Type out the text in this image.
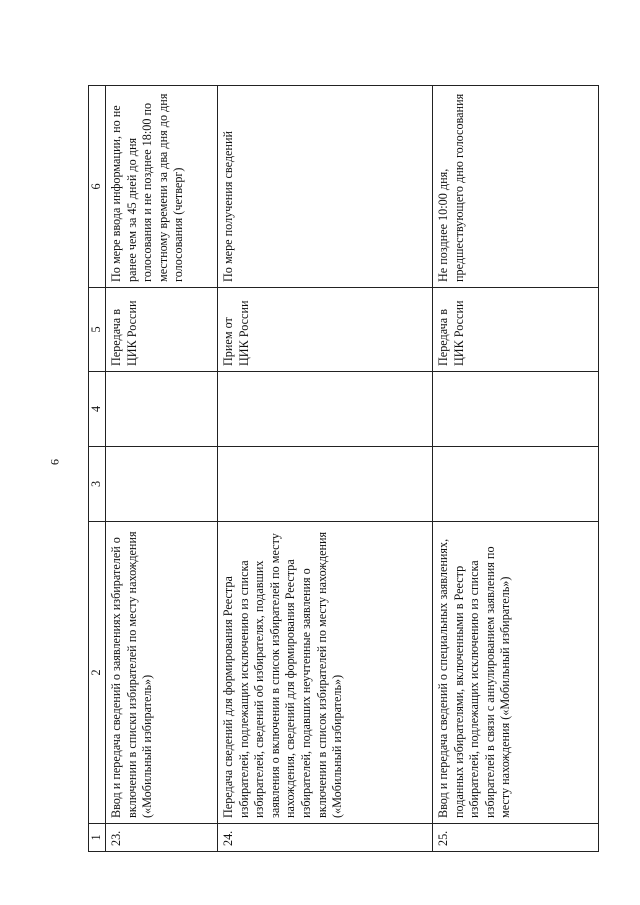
9
1	2	3	4	5	6
23.	Ввод и передача сведений о заявлениях избирателей о включении в списки избирателей по месту нахождения («Мобильный избиратель»)			Передача в ЦИК России	По мере ввода информации, но не ранее чем за 45 дней до дня голосования и не позднее 18:00 по местному времени за два дня до дня голосования (четверг)
24.	Передача сведений для формирования Реестра избирателей, подлежащих исключению из списка избирателей, сведений об избирателях, подавших заявления о включении в список избирателей по месту нахождения, сведений для формирования Реестра избирателей, подавших неучтенные заявления о включении в список избирателей по месту нахождения («Мобильный избиратель»)			Прием от ЦИК России	По мере получения сведений
25.	Ввод и передача сведений о специальных заявлениях, поданных избирателями, включенными в Реестр избирателей, подлежащих исключению из списка избирателей в связи с аннулированием заявления по месту нахождения («Мобильный избиратель»)			Передача в ЦИК России	Не позднее 10:00 дня, предшествующего дню голосования
